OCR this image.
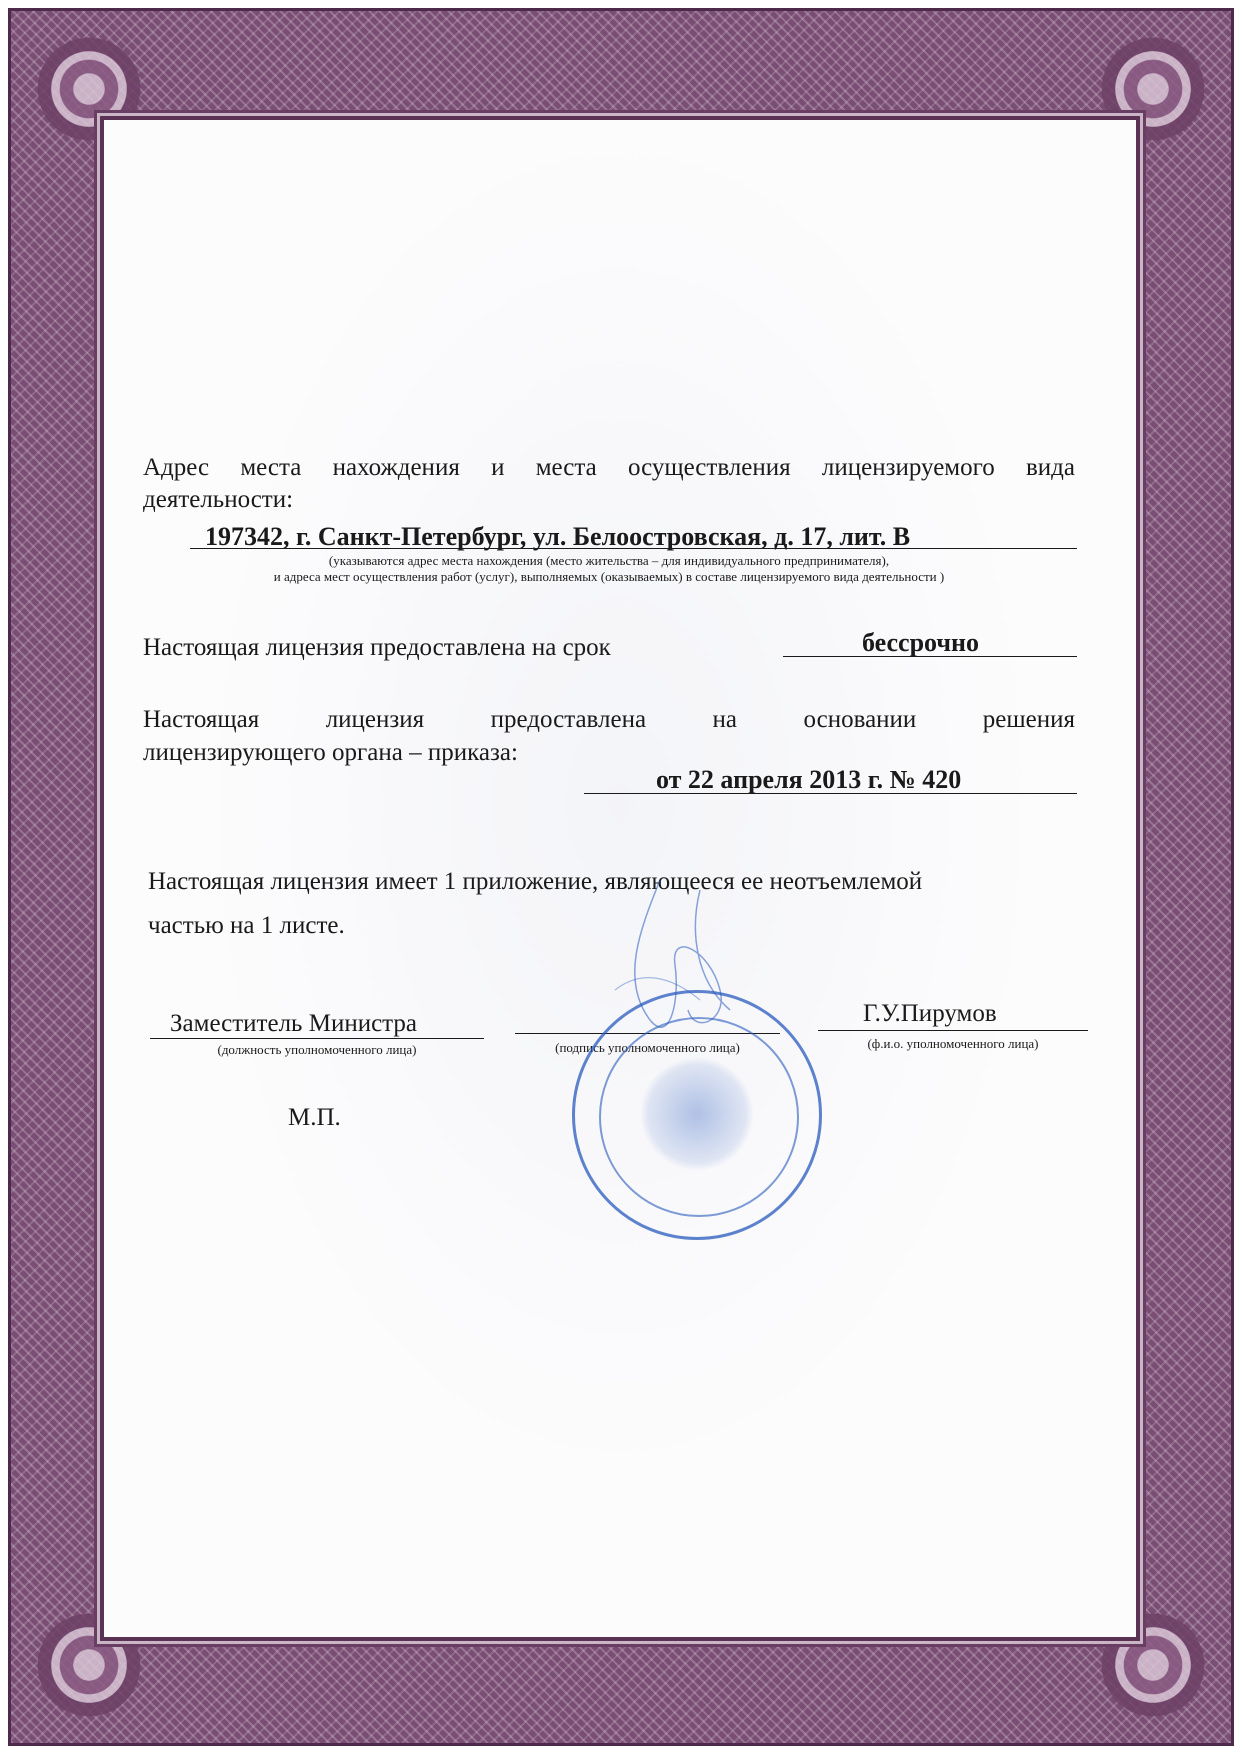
Адрес места нахождения и места осуществления лицензируемого вида
деятельности:
197342, г. Санкт-Петербург, ул. Белоостровская, д. 17, лит. В
(указываются адрес места нахождения (место жительства – для индивидуального предпринимателя),
и адреса мест осуществления работ (услуг), выполняемых (оказываемых) в составе лицензируемого вида деятельности )
Настоящая лицензия предоставлена на срок	бессрочно
Настоящая лицензия предоставлена на основании решения
лицензирующего органа – приказа:
от 22 апреля 2013 г. № 420
Настоящая лицензия имеет 1 приложение, являющееся ее неотъемлемой
частью на 1 листе.
Заместитель Министра
(должность уполномоченного лица)	(подпись уполномоченного лица)
Г.У.Пирумов
(ф.и.о. уполномоченного лица)
М.П.
